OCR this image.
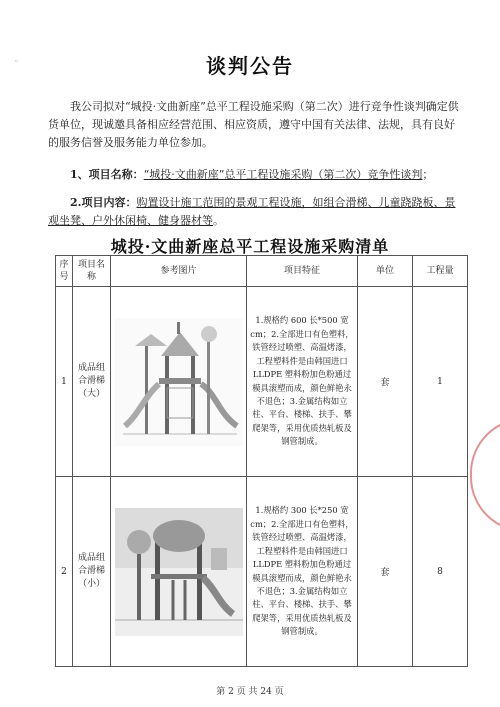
◦	谈判公告
我公司拟对“城投·文曲新座”总平工程设施采购（第二次）进行竞争性谈判确定供货单位，现诚邀具备相应经营范围、相应资质，遵守中国有关法律、法规，具有良好的服务信誉及服务能力单位参加。
1、项目名称：“城投·文曲新座”总平工程设施采购（第二次）竞争性谈判；
2.项目内容：购置设计施工范围的景观工程设施，如组合滑梯、儿童跷跷板、景观坐凳、户外休闲椅、健身器材等。
城投·文曲新座总平工程设施采购清单
序号	项目名称	参考图片	项目特征	单位	工程量
1	成品组合滑梯（大）		1.规格约 600 长*500 宽 cm；2.全部进口有色塑料，铁管经过喷塑、高温烤漆，工程塑料件是由韩国进口 LLDPE 塑料粉加色粉通过模具滚塑而成，颜色鲜艳永不退色；3.金属结构如立柱、平台、楼梯、扶手、攀爬架等，采用优质热轧板及钢管制成。	套	1
2	成品组合滑梯（小）		1.规格约 300 长*250 宽 cm；2.全部进口有色塑料，铁管经过喷塑、高温烤漆，工程塑料件是由韩国进口 LLDPE 塑料粉加色粉通过模具滚塑而成，颜色鲜艳永不退色；3.金属结构如立柱、平台、楼梯、扶手、攀爬架等，采用优质热轧板及钢管制成。	套	8
第 2 页 共 24 页
